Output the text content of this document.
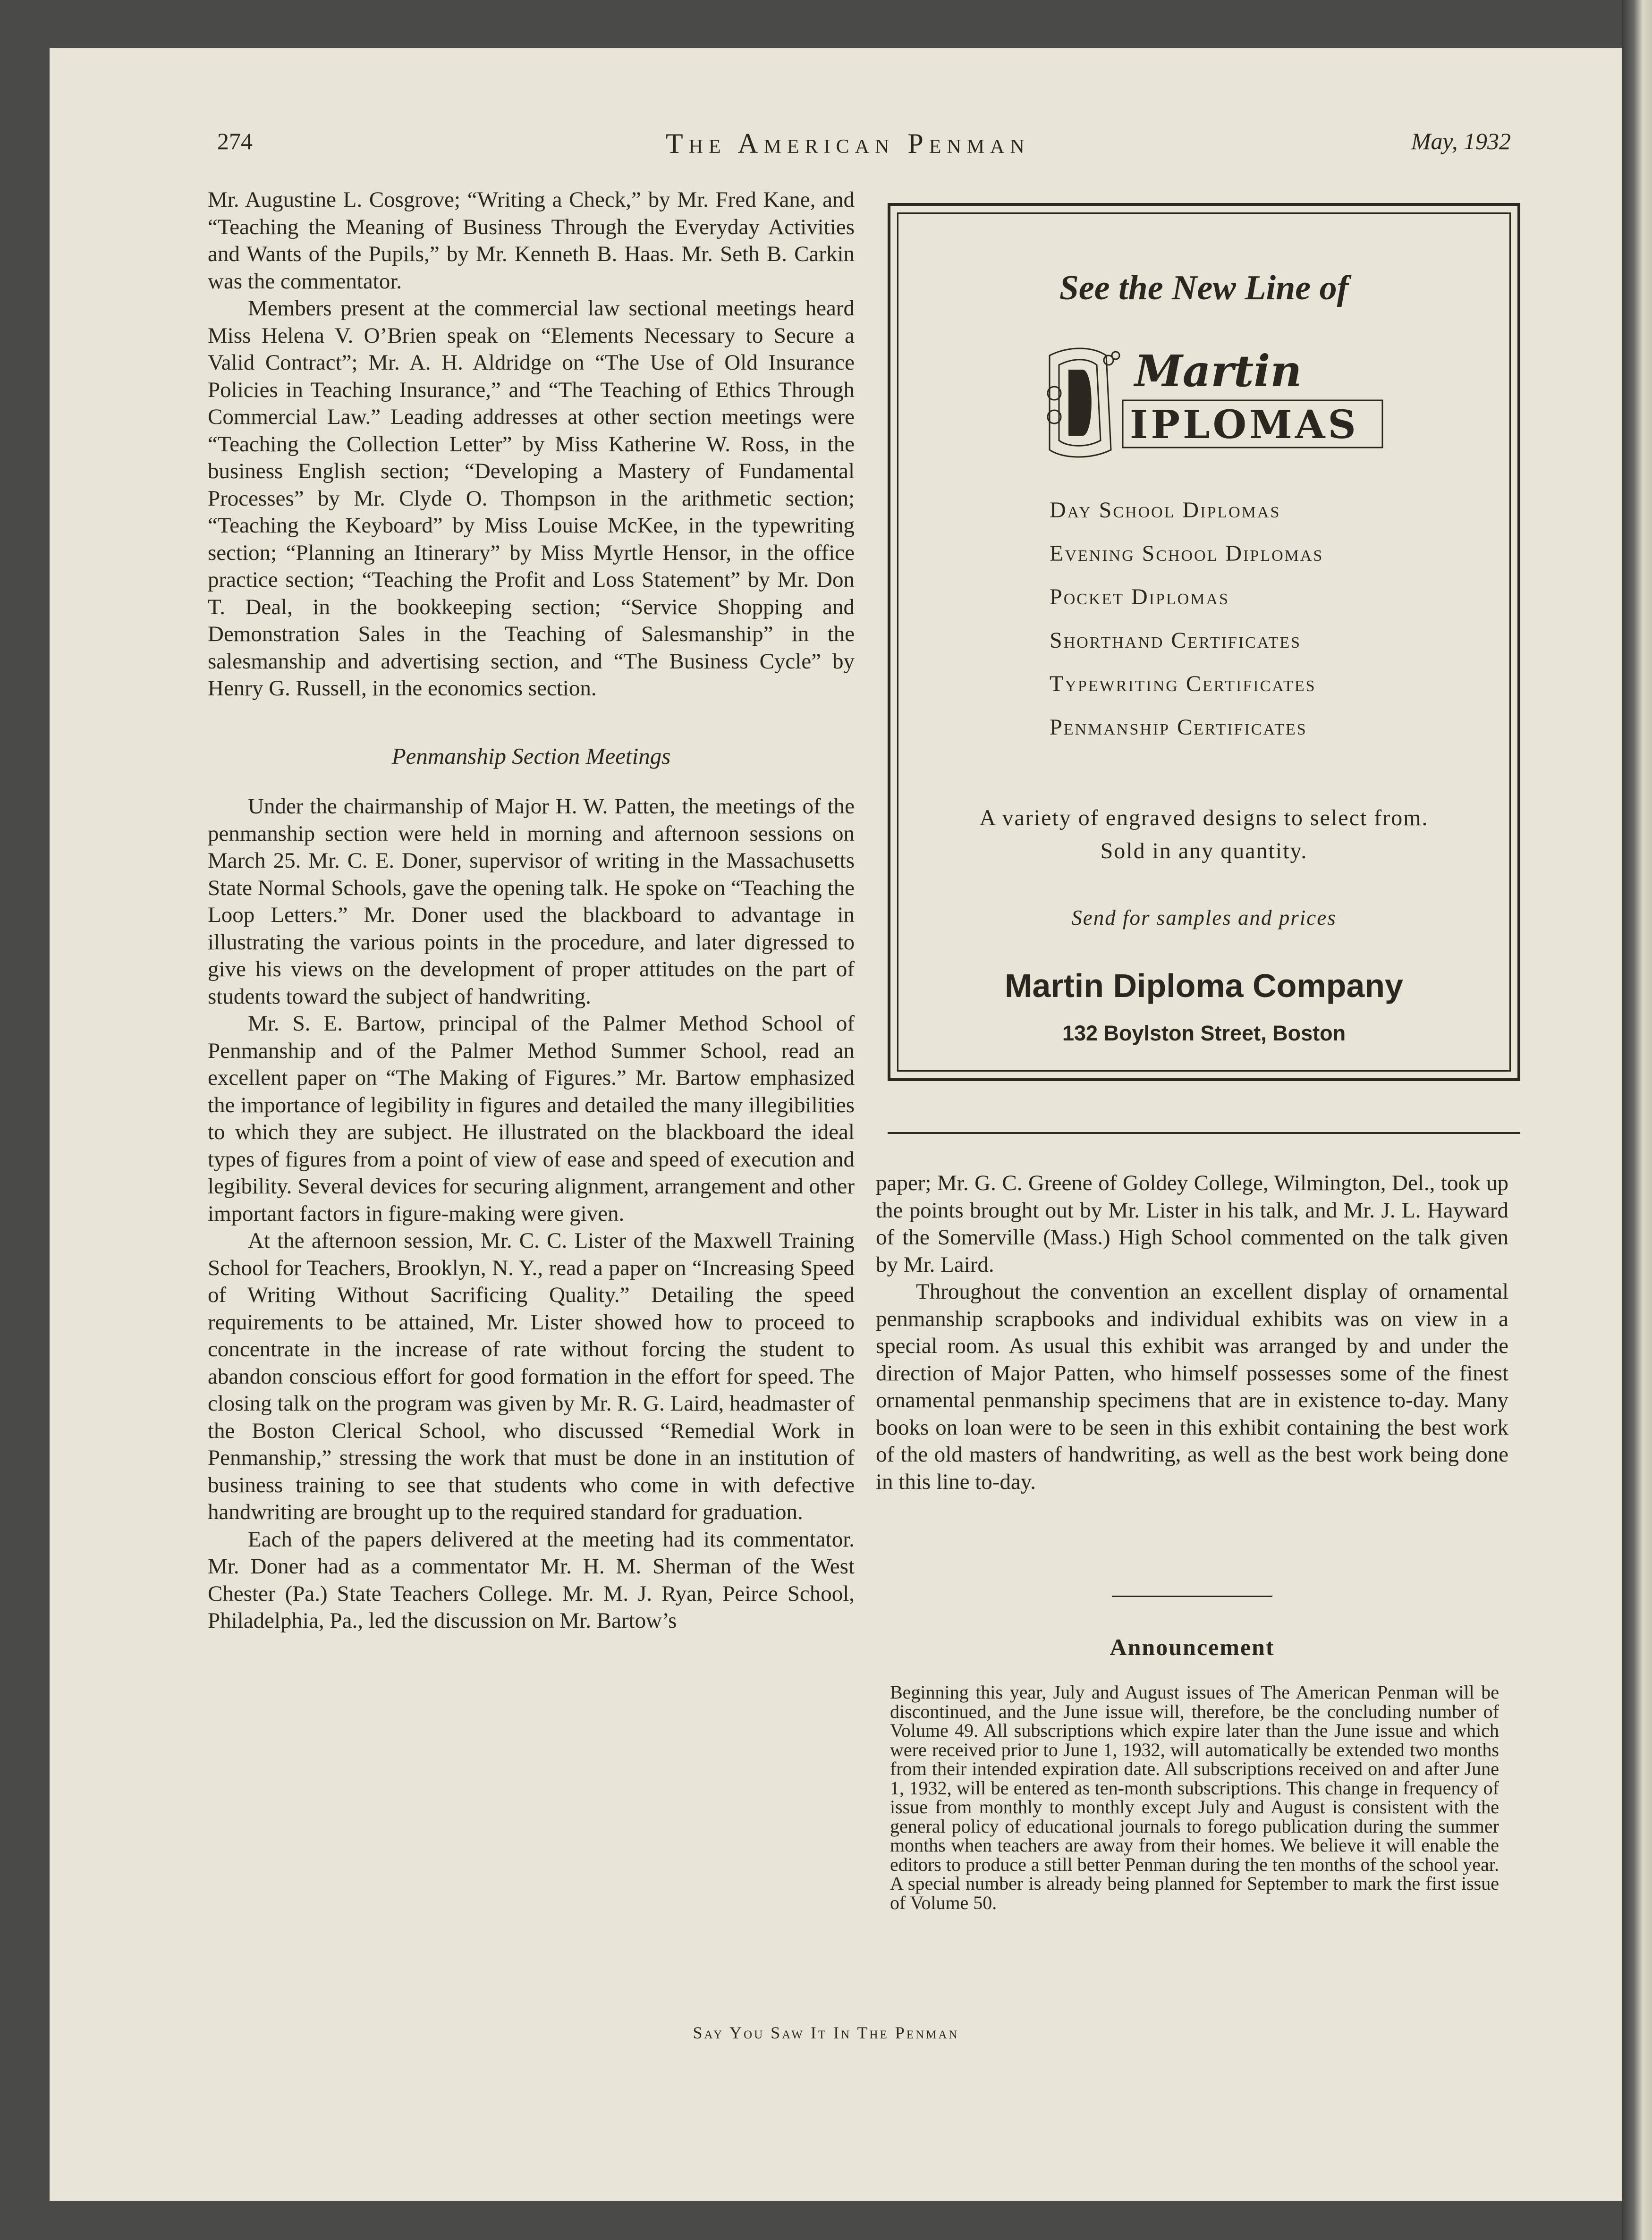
274	The American Penman	May, 1932

Mr. Augustine L. Cosgrove; “Writing a Check,” by Mr. Fred Kane, and “Teaching the Meaning of Business Through the Everyday Activities and Wants of the Pupils,” by Mr. Kenneth B. Haas. Mr. Seth B. Carkin was the commentator.

Members present at the commercial law sectional meetings heard Miss Helena V. O’Brien speak on “Elements Necessary to Secure a Valid Contract”; Mr. A. H. Aldridge on “The Use of Old Insurance Policies in Teaching Insurance,” and “The Teaching of Ethics Through Commercial Law.” Leading addresses at other section meetings were “Teaching the Collection Letter” by Miss Katherine W. Ross, in the business English section; “Developing a Mastery of Fundamental Processes” by Mr. Clyde O. Thompson in the arithmetic section; “Teaching the Keyboard” by Miss Louise McKee, in the typewriting section; “Planning an Itinerary” by Miss Myrtle Hensor, in the office practice section; “Teaching the Profit and Loss Statement” by Mr. Don T. Deal, in the bookkeeping section; “Service Shopping and Demonstration Sales in the Teaching of Salesmanship” in the salesmanship and advertising section, and “The Business Cycle” by Henry G. Russell, in the economics section.

Penmanship Section Meetings

Under the chairmanship of Major H. W. Patten, the meetings of the penmanship section were held in morning and afternoon sessions on March 25. Mr. C. E. Doner, supervisor of writing in the Massachusetts State Normal Schools, gave the opening talk. He spoke on “Teaching the Loop Letters.” Mr. Doner used the blackboard to advantage in illustrating the various points in the procedure, and later digressed to give his views on the development of proper attitudes on the part of students toward the subject of handwriting.

Mr. S. E. Bartow, principal of the Palmer Method School of Penmanship and of the Palmer Method Summer School, read an excellent paper on “The Making of Figures.” Mr. Bartow emphasized the importance of legibility in figures and detailed the many illegibilities to which they are subject. He illustrated on the blackboard the ideal types of figures from a point of view of ease and speed of execution and legibility. Several devices for securing alignment, arrangement and other important factors in figure-making were given.

At the afternoon session, Mr. C. C. Lister of the Maxwell Training School for Teachers, Brooklyn, N. Y., read a paper on “Increasing Speed of Writing Without Sacrificing Quality.” Detailing the speed requirements to be attained, Mr. Lister showed how to proceed to concentrate in the increase of rate without forcing the student to abandon conscious effort for good formation in the effort for speed. The closing talk on the program was given by Mr. R. G. Laird, headmaster of the Boston Clerical School, who discussed “Remedial Work in Penmanship,” stressing the work that must be done in an institution of business training to see that students who come in with defective handwriting are brought up to the required standard for graduation.

Each of the papers delivered at the meeting had its commentator. Mr. Doner had as a commentator Mr. H. M. Sherman of the West Chester (Pa.) State Teachers College. Mr. M. J. Ryan, Peirce School, Philadelphia, Pa., led the discussion on Mr. Bartow’s

See the New Line of
Martin
IPLOMAS
Day School Diplomas
Evening School Diplomas
Pocket Diplomas
Shorthand Certificates
Typewriting Certificates
Penmanship Certificates
A variety of engraved designs to select from.
Sold in any quantity.
Send for samples and prices
Martin Diploma Company
132 Boylston Street, Boston

paper; Mr. G. C. Greene of Goldey College, Wilmington, Del., took up the points brought out by Mr. Lister in his talk, and Mr. J. L. Hayward of the Somerville (Mass.) High School commented on the talk given by Mr. Laird.

Throughout the convention an excellent display of ornamental penmanship scrapbooks and individual exhibits was on view in a special room. As usual this exhibit was arranged by and under the direction of Major Patten, who himself possesses some of the finest ornamental penmanship specimens that are in existence to-day. Many books on loan were to be seen in this exhibit containing the best work of the old masters of handwriting, as well as the best work being done in this line to-day.

Announcement

Beginning this year, July and August issues of The American Penman will be discontinued, and the June issue will, therefore, be the concluding number of Volume 49. All subscriptions which expire later than the June issue and which were received prior to June 1, 1932, will automatically be extended two months from their intended expiration date. All subscriptions received on and after June 1, 1932, will be entered as ten-month subscriptions. This change in frequency of issue from monthly to monthly except July and August is consistent with the general policy of educational journals to forego publication during the summer months when teachers are away from their homes. We believe it will enable the editors to produce a still better Penman during the ten months of the school year. A special number is already being planned for September to mark the first issue of Volume 50.

Say You Saw It In The Penman
